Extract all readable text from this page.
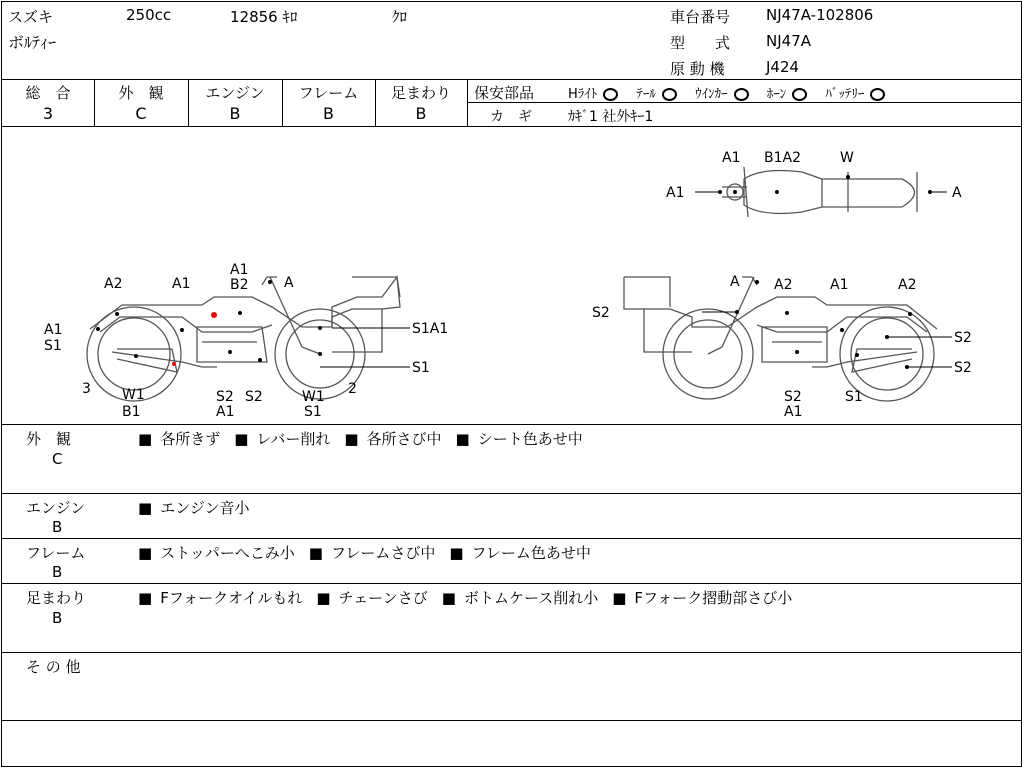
スズキ	250cc	12856 ｷﾛ	ｸﾛ
ボﾙﾃｨｰ
車台番号 NJ47A-102806
型　　式 NJ47A
原 動 機	J424
総　合
3
外　観
C
エンジン
B
フレーム
B
足まわり
B
保安部品	Hﾗｲﾄ	ﾃｰﾙ	ｳｲﾝｶｰ	ﾎｰﾝ	ﾊﾞｯﾃﾘｰ
カ　ギ	ｶｷﾞ1 社外ｷｰ1
A1 B1A2	W
A1	A
A1
B2	A
A2	A1
A1
S1
S1A1
S1
3 W1
B1
S2
A1
S2	W1
S1
2
A A2	A1	A2
S2
S2
S2
S2
A1
S1
外　観
C
■ 各所きず ■ レバー削れ ■ 各所さび中 ■ シート色あせ中
エンジン
B
■ エンジン音小
フレーム
B
■ ストッパーへこみ小 ■ フレームさび中 ■ フレーム色あせ中
足まわり
B
■ Fフォークオイルもれ ■ チェーンさび ■ ボトムケース削れ小 ■ Fフォーク摺動部さび小
そ の 他
